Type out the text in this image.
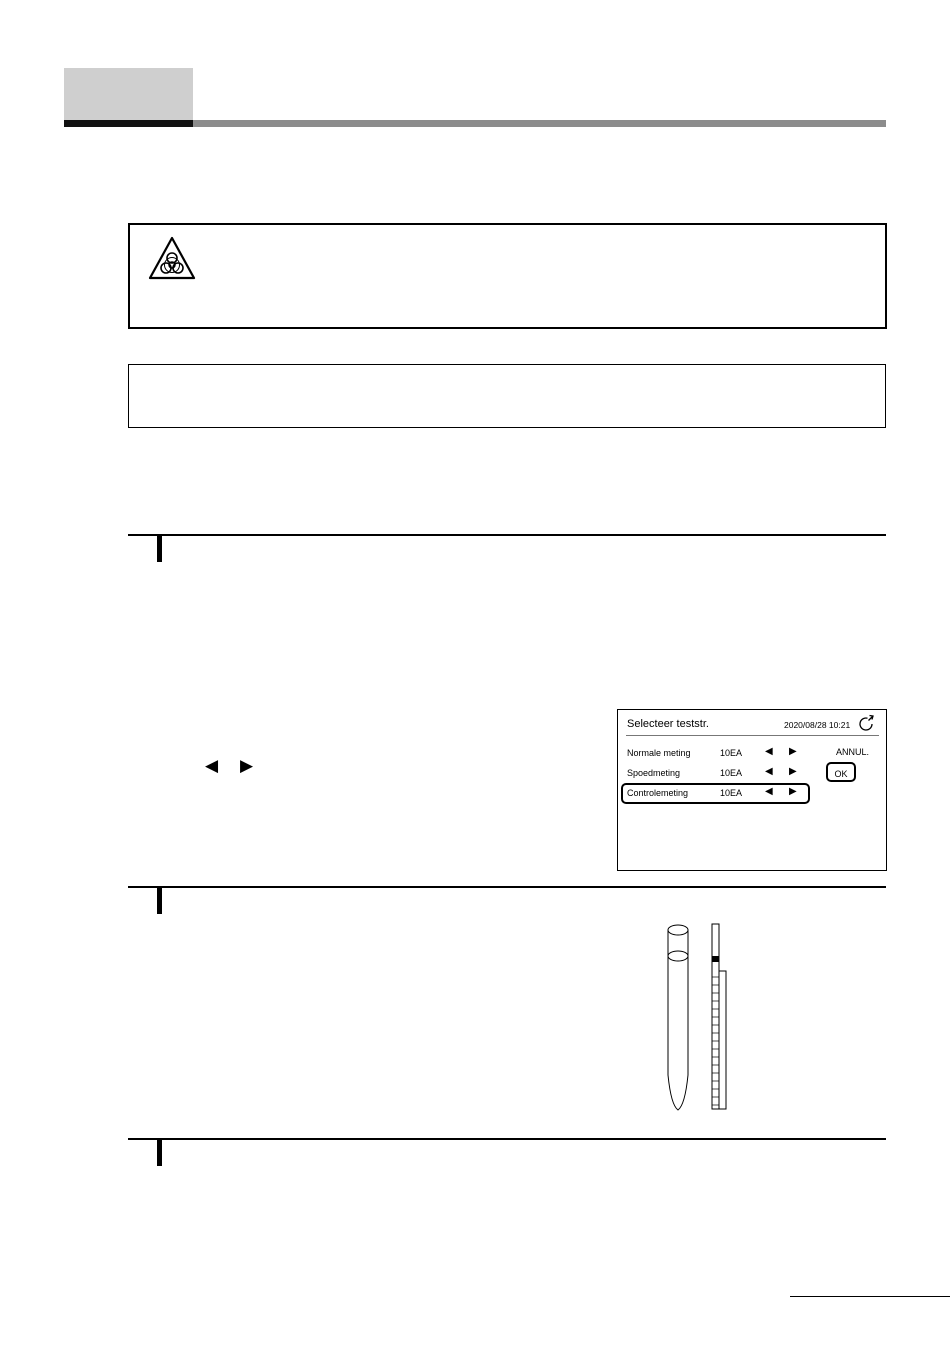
◀ ▶
Selecteer teststr.	2020/08/28 10:21
Normale meting	10EA ◀ ▶
Spoedmeting	10EA ◀ ▶
Controlemeting	10EA ◀ ▶
ANNUL.
OK
